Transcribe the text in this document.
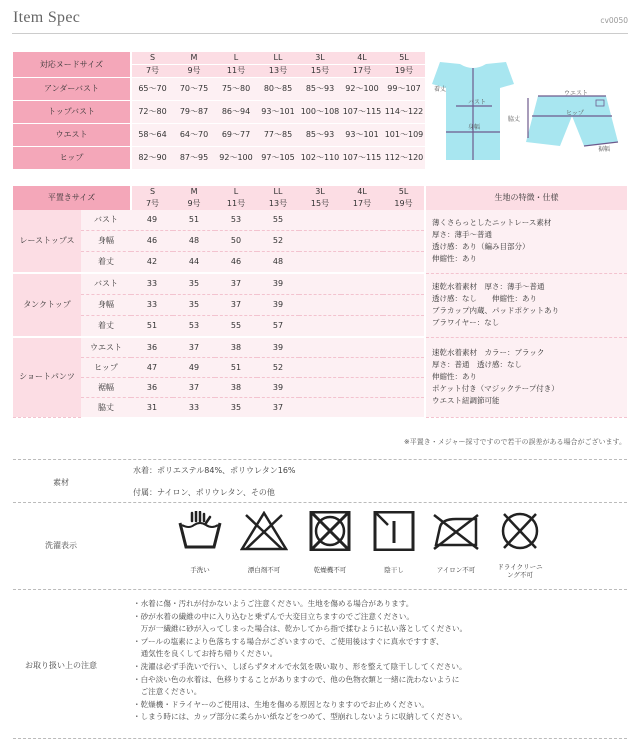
Item Spec	cv0050
対応ヌードサイズ	S	M	L	LL	3L	4L	5L
	7号	9号	11号	13号	15号	17号	19号
アンダーバスト	65～70	70～75	75～80	80～85	85～93	92～100	99～107
トップバスト	72～80	79～87	86～94	93～101	100～108	107～115	114～122
ウエスト	58～64	64～70	69～77	77～85	85～93	93～101	101～109
ヒップ	82～90	87～95	92～100	97～105	102～110	107～115	112～120
着丈
バスト
身幅
ウエスト
ヒップ
脇丈
裾幅
平置きサイズ		S	M	L	LL	3L	4L	5L	生地の特徴・仕様
		7号	9号	11号	13号	15号	17号	19号	
レーストップス	バスト	49	51	53	55				薄くさらっとしたニットレース素材
厚さ：薄手～普通
透け感：あり（編み目部分）
伸縮性：あり

	身幅	46	48	50	52				
	着丈	42	44	46	48				
タンクトップ	バスト	33	35	37	39				速乾水着素材　厚さ：薄手～普通
透け感：なし　　伸縮性：あり
ブラカップ内蔵、パッドポケットあり
ブラワイヤー：なし

	身幅	33	35	37	39				
	着丈	51	53	55	57				
ショートパンツ	ウエスト	36	37	38	39				速乾水着素材　カラー：ブラック
厚さ：普通　透け感：なし
伸縮性：あり
ポケット付き（マジックテープ付き）
ウエスト紐調節可能

	ヒップ	47	49	51	52				
	裾幅	36	37	38	39				
	脇丈	31	33	35	37				
※平置き・メジャー採寸ですので若干の誤差がある場合がございます。
素材
水着：ポリエステル84%、ポリウレタン16%
付属：ナイロン、ポリウレタン、その他
洗濯表示
手洗い	漂白剤不可	乾燥機不可	陰干し	アイロン不可	ドライクリーニング不可
お取り扱い上の注意
・水着に傷・汚れが付かないようご注意ください。生地を傷める場合があります。
・砂が水着の繊維の中に入り込むと乗ずんで大変目立ちますのでご注意ください。
　万が一繊維に砂が入ってしまった場合は、乾かしてから指で揉むように払い落としてください。
・プールの塩素により色落ちする場合がございますので、ご使用後はすぐに真水ですすぎ、
　通気性を良くしてお持ち帰りください。
・洗濯は必ず手洗いで行い、しぼらずタオルで水気を吸い取り、形を整えて陰干ししてください。
・白や淡い色の水着は、色移りすることがありますので、他の色物衣類と一緒に洗わないように
　ご注意ください。
・乾燥機・ドライヤーのご使用は、生地を傷める原因となりますのでお止めください。
・しまう時には、カップ部分に柔らかい紙などをつめて、型崩れしないように収納してください。
